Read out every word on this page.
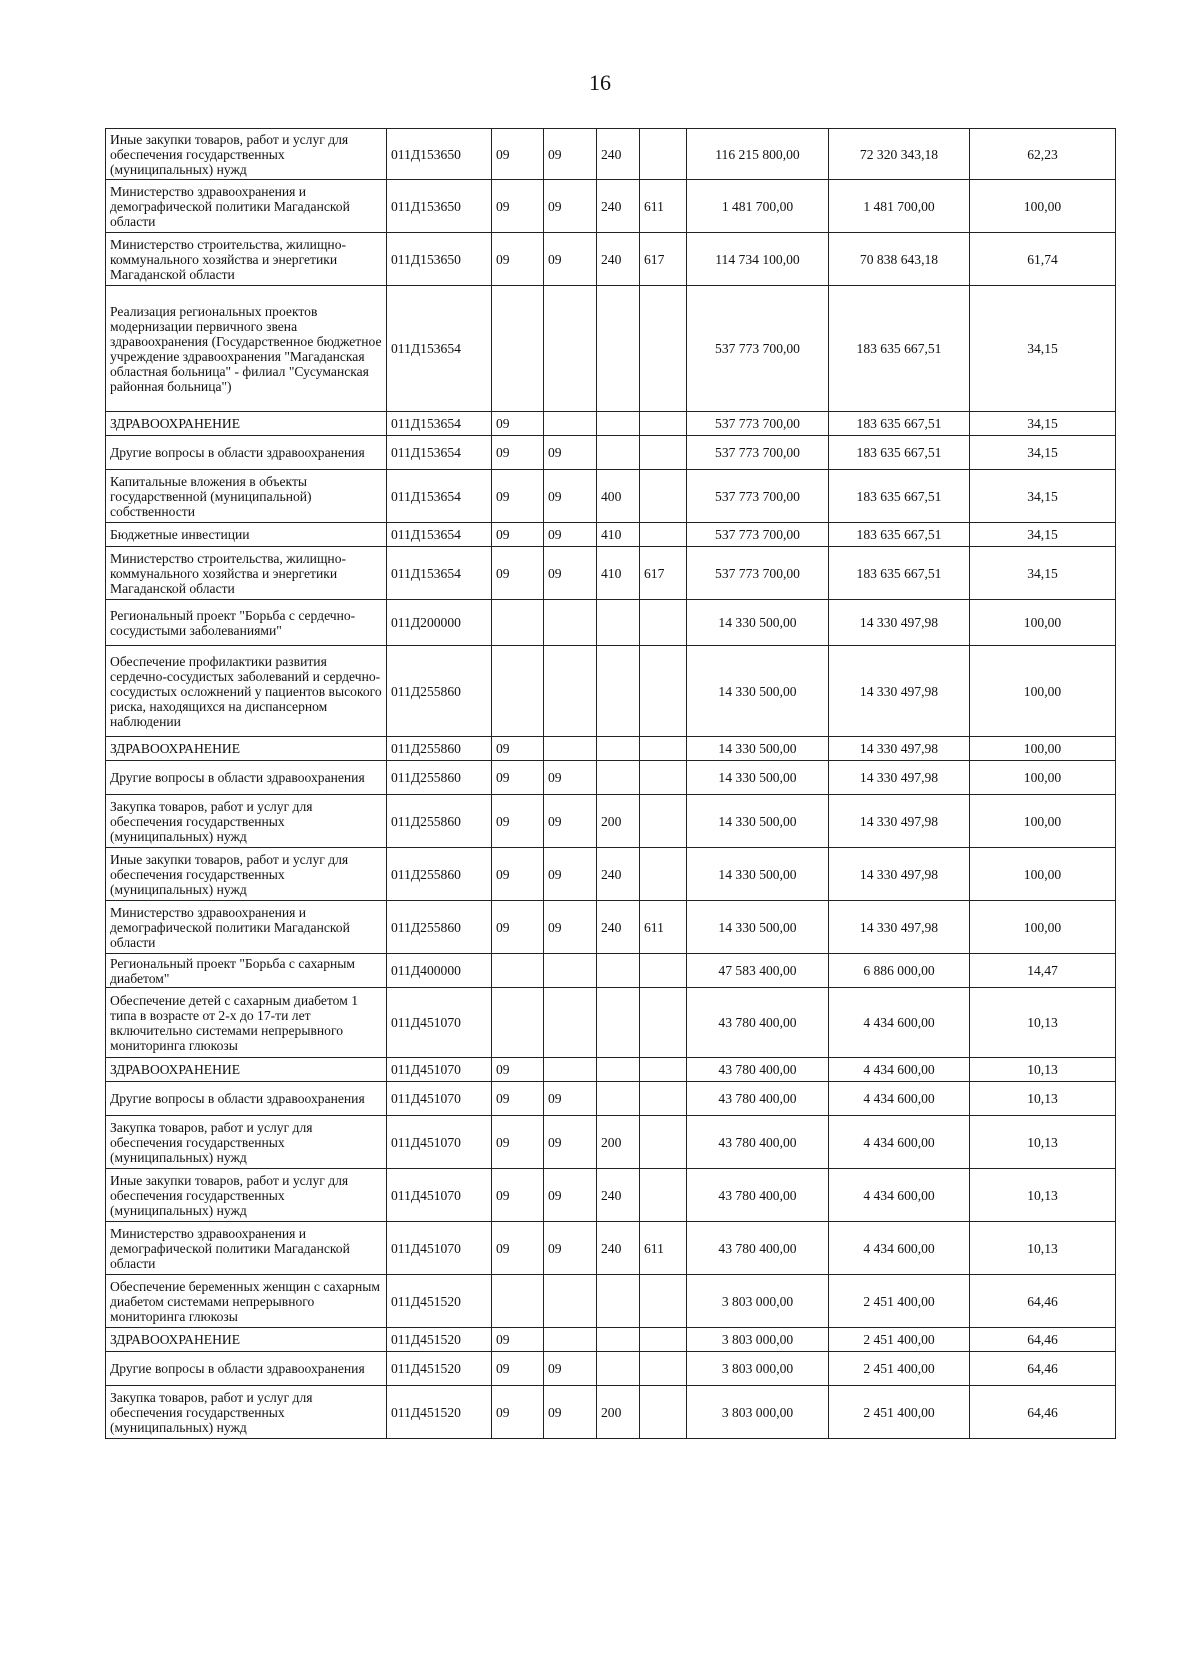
16
Иные закупки товаров, работ и услуг для обеспечения государственных (муниципальных) нужд	011Д153650	09	09	240		116 215 800,00	72 320 343,18	62,23
Министерство здравоохранения и демографической политики Магаданской области	011Д153650	09	09	240	611	1 481 700,00	1 481 700,00	100,00
Министерство строительства, жилищно-коммунального хозяйства и энергетики Магаданской области	011Д153650	09	09	240	617	114 734 100,00	70 838 643,18	61,74
Реализация региональных проектов модернизации первичного звена здравоохранения (Государственное бюджетное учреждение здравоохранения "Магаданская областная больница" - филиал "Сусуманская районная больница")	011Д153654					537 773 700,00	183 635 667,51	34,15
ЗДРАВООХРАНЕНИЕ	011Д153654	09				537 773 700,00	183 635 667,51	34,15
Другие вопросы в области здравоохранения	011Д153654	09	09			537 773 700,00	183 635 667,51	34,15
Капитальные вложения в объекты государственной (муниципальной) собственности	011Д153654	09	09	400		537 773 700,00	183 635 667,51	34,15
Бюджетные инвестиции	011Д153654	09	09	410		537 773 700,00	183 635 667,51	34,15
Министерство строительства, жилищно-коммунального хозяйства и энергетики Магаданской области	011Д153654	09	09	410	617	537 773 700,00	183 635 667,51	34,15
Региональный проект "Борьба с сердечно-сосудистыми заболеваниями"	011Д200000					14 330 500,00	14 330 497,98	100,00
Обеспечение профилактики развития сердечно-сосудистых заболеваний и сердечно-сосудистых осложнений у пациентов высокого риска, находящихся на диспансерном наблюдении	011Д255860					14 330 500,00	14 330 497,98	100,00
ЗДРАВООХРАНЕНИЕ	011Д255860	09				14 330 500,00	14 330 497,98	100,00
Другие вопросы в области здравоохранения	011Д255860	09	09			14 330 500,00	14 330 497,98	100,00
Закупка товаров, работ и услуг для обеспечения государственных (муниципальных) нужд	011Д255860	09	09	200		14 330 500,00	14 330 497,98	100,00
Иные закупки товаров, работ и услуг для обеспечения государственных (муниципальных) нужд	011Д255860	09	09	240		14 330 500,00	14 330 497,98	100,00
Министерство здравоохранения и демографической политики Магаданской области	011Д255860	09	09	240	611	14 330 500,00	14 330 497,98	100,00
Региональный проект "Борьба с сахарным диабетом"	011Д400000					47 583 400,00	6 886 000,00	14,47
Обеспечение детей с сахарным диабетом 1 типа в возрасте от 2-х до 17-ти лет включительно системами непрерывного мониторинга глюкозы	011Д451070					43 780 400,00	4 434 600,00	10,13
ЗДРАВООХРАНЕНИЕ	011Д451070	09				43 780 400,00	4 434 600,00	10,13
Другие вопросы в области здравоохранения	011Д451070	09	09			43 780 400,00	4 434 600,00	10,13
Закупка товаров, работ и услуг для обеспечения государственных (муниципальных) нужд	011Д451070	09	09	200		43 780 400,00	4 434 600,00	10,13
Иные закупки товаров, работ и услуг для обеспечения государственных (муниципальных) нужд	011Д451070	09	09	240		43 780 400,00	4 434 600,00	10,13
Министерство здравоохранения и демографической политики Магаданской области	011Д451070	09	09	240	611	43 780 400,00	4 434 600,00	10,13
Обеспечение беременных женщин с сахарным диабетом системами непрерывного мониторинга глюкозы	011Д451520					3 803 000,00	2 451 400,00	64,46
ЗДРАВООХРАНЕНИЕ	011Д451520	09				3 803 000,00	2 451 400,00	64,46
Другие вопросы в области здравоохранения	011Д451520	09	09			3 803 000,00	2 451 400,00	64,46
Закупка товаров, работ и услуг для обеспечения государственных (муниципальных) нужд	011Д451520	09	09	200		3 803 000,00	2 451 400,00	64,46
